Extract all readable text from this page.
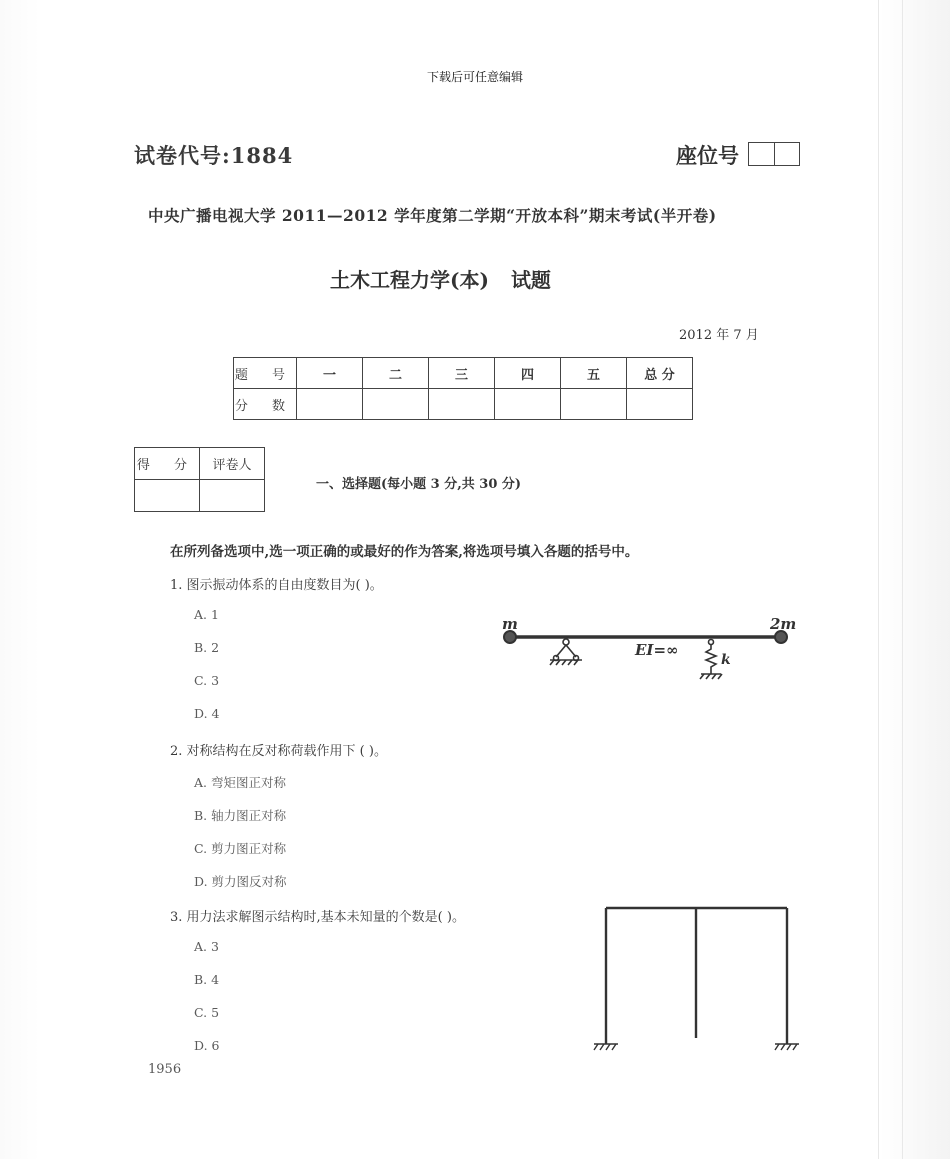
下载后可任意编辑
试卷代号:1884	座位号
中央广播电视大学 2011—2012 学年度第二学期“开放本科”期末考试(半开卷)
土木工程力学(本) 试题
2012 年 7 月
题 号	一	二	三	四	五	总 分
分 数						
得 分	评卷人

一、选择题(每小题 3 分,共 30 分)
在所列备选项中,选一项正确的或最好的作为答案,将选项号填入各题的括号中。
1. 图示振动体系的自由度数目为( )。
A. 1
B. 2
C. 3
D. 4
m	2m
EI=∞
k
2. 对称结构在反对称荷载作用下 ( )。
A. 弯矩图正对称
B. 轴力图正对称
C. 剪力图正对称
D. 剪力图反对称
3. 用力法求解图示结构时,基本未知量的个数是( )。
A. 3
B. 4
C. 5
D. 6
1956
